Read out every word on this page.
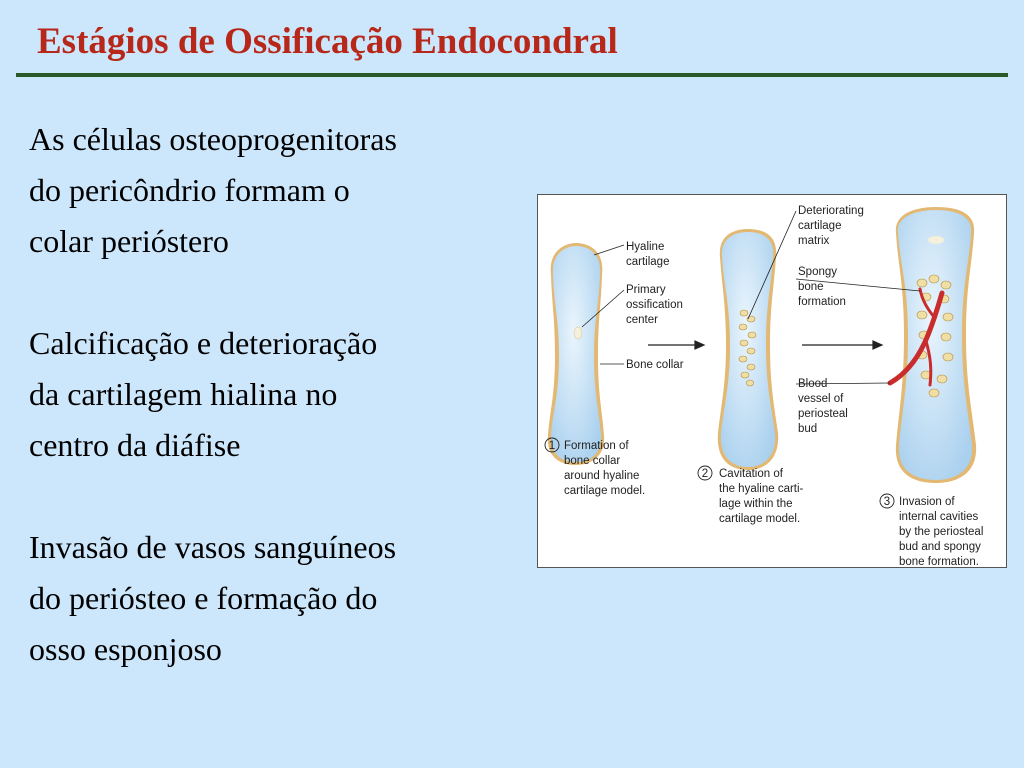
Estágios de Ossificação Endocondral

As células osteoprogenitoras
do pericôndrio formam o
colar perióstero

Calcificação e deterioração
da cartilagem hialina no
centro da diáfise

Invasão de vasos sanguíneos
do periósteo e formação do
osso esponjoso

Hyaline cartilage
Primary ossification center
Bone collar
Deteriorating cartilage matrix
Spongy bone formation
Blood vessel of periosteal bud
1 Formation of bone collar around hyaline cartilage model.
2 Cavitation of the hyaline carti- lage within the cartilage model.
3 Invasion of internal cavities by the periosteal bud and spongy bone formation.
